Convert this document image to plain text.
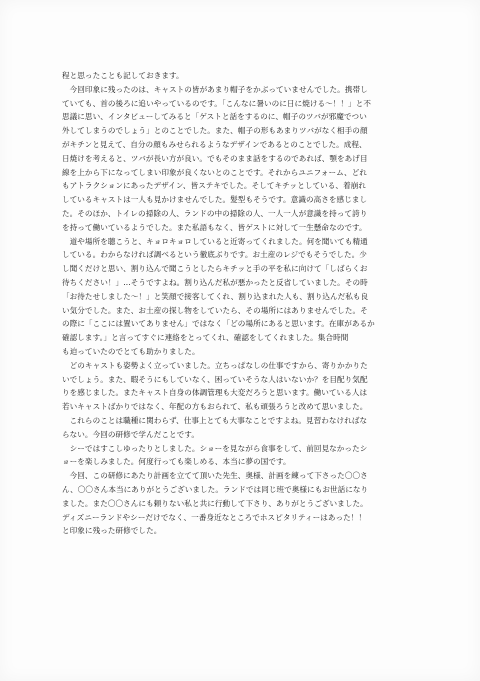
程と思ったことも記しておきます。
　今回印象に残ったのは、キャストの皆があまり帽子をかぶっていませんでした。携帯し
ていても、首の後ろに追いやっているのです。「こんなに暑いのに日に焼ける～！！」と不
思議に思い、インタビューしてみると「ゲストと話をするのに、帽子のツバが邪魔でつい
外してしまうのでしょう」とのことでした。また、帽子の形もあまりツバがなく相手の顔
がキチンと見えて、自分の顔もみせられるようなデザインであるとのことでした。成程、
日焼けを考えると、ツバが長い方が良い。でもそのまま話をするのであれば、顎をあげ目
線を上から下になってしまい印象が良くないとのことです。それからユニフォーム、どれ
もアトラクションにあったデザイン、皆ステキでした。そしてキチッとしている、着崩れ
しているキャストは一人も見かけませんでした。髪型もそうです。意識の高さを感じまし
た。そのほか、トイレの掃除の人、ランドの中の掃除の人、一人一人が意識を持って誇り
を持って働いているようでした。また私語もなく、皆ゲストに対して一生懸命なのです。
　道や場所を聴こうと、キョロキョロしていると近寄ってくれました。何を聞いても精通
している。わからなければ調べるという徹底ぶりです。お土産のレジでもそうでした。少
し聞くだけと思い、割り込んで聞こうとしたらキチッと手の平を私に向けて「しばらくお
待ちください！」…そうですよね。割り込んだ私が悪かったと反省していました。その時
「お待たせしました～！」と笑顔で接客してくれ、割り込まれた人も、割り込んだ私も良
い気分でした。また、お土産の探し物をしていたら、その場所にはありませんでした。そ
の際に「ここには置いてありません」ではなく「どの場所にあると思います。在庫があるか
確認します。」と言ってすぐに連絡をとってくれ、確認をしてくれました。集合時間
も迫っていたのでとても助かりました。
　どのキャストも姿勢よく立っていました。立ちっぱなしの仕事ですから、寄りかかりた
いでしょう。また、暇そうにもしていなく、困っていそうな人はいないか？を目配り気配
りを感じました。またキャスト自身の体調管理も大変だろうと思います。働いている人は
若いキャストばかりではなく、年配の方もおられて、私も頑張ろうと改めて思いました。
　これらのことは職種に関わらず、仕事上とても大事なことですよね。見習わなければな
らない。今回の研修で学んだことです。
　シーではすこしゆったりとしました。ショーを見ながら食事をして、前回見なかったシ
ョーを楽しみました。何度行っても楽しめる、本当に夢の国です。
　今回、この研修にあたり計画を立てて頂いた先生、奥様、計画を練って下さった〇〇さ
ん、〇〇さん本当にありがとうございました。ランドでは同じ班で奥様にもお世話になり
ました。また〇〇さんにも頼りない私と共に行動して下さり、ありがとうございました。
ディズニーランドやシーだけでなく、一番身近なところでホスピタリティーはあった！！
と印象に残った研修でした。
